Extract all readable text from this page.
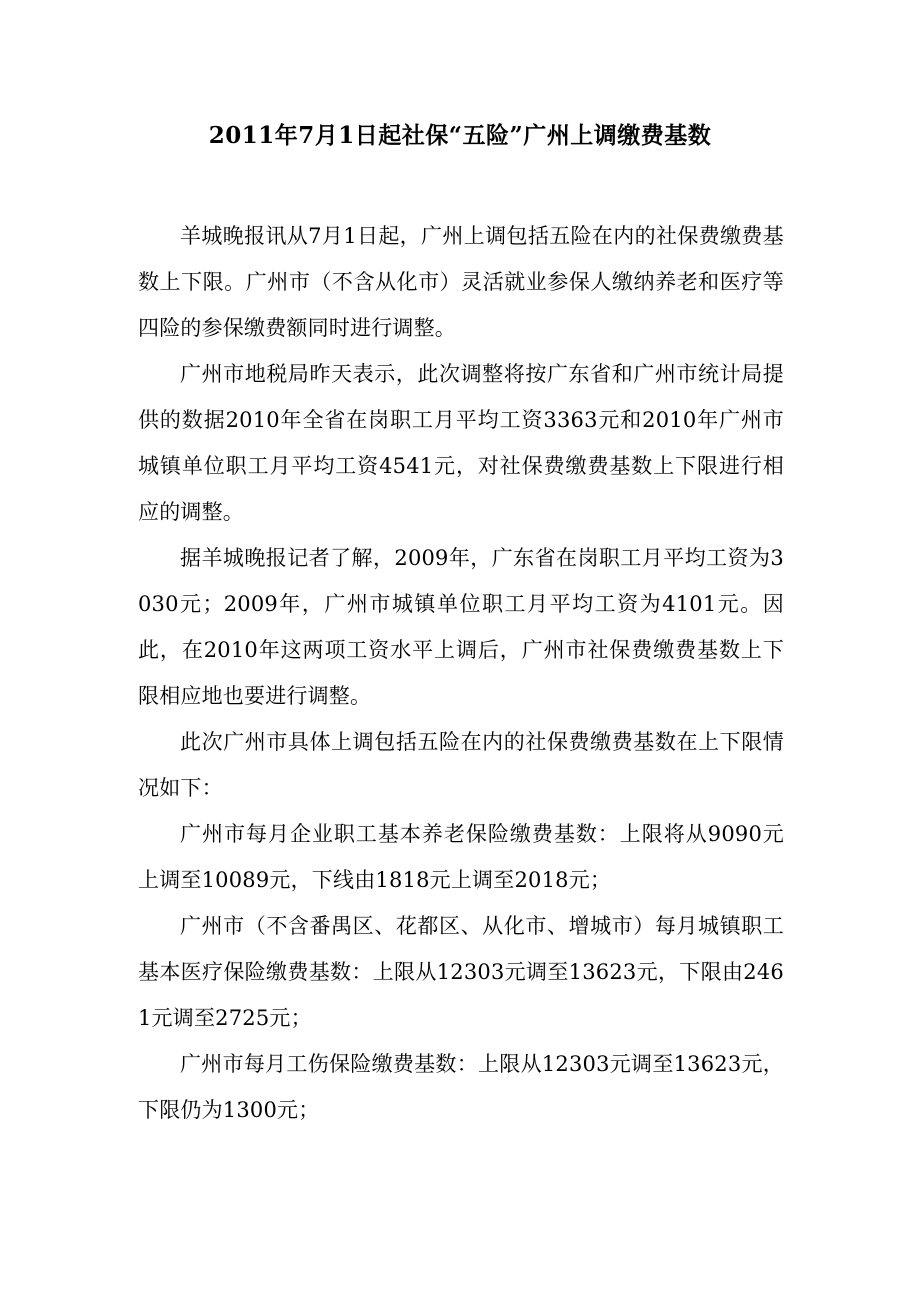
2011年7月1日起社保“五险”广州上调缴费基数

羊城晚报讯从7月1日起，广州上调包括五险在内的社保费缴费基数上下限。广州市（不含从化市）灵活就业参保人缴纳养老和医疗等四险的参保缴费额同时进行调整。

广州市地税局昨天表示，此次调整将按广东省和广州市统计局提供的数据2010年全省在岗职工月平均工资3363元和2010年广州市城镇单位职工月平均工资4541元，对社保费缴费基数上下限进行相应的调整。

据羊城晚报记者了解，2009年，广东省在岗职工月平均工资为3030元；2009年，广州市城镇单位职工月平均工资为4101元。因此，在2010年这两项工资水平上调后，广州市社保费缴费基数上下限相应地也要进行调整。

此次广州市具体上调包括五险在内的社保费缴费基数在上下限情况如下：

广州市每月企业职工基本养老保险缴费基数：上限将从9090元上调至10089元，下线由1818元上调至2018元；

广州市（不含番禺区、花都区、从化市、增城市）每月城镇职工基本医疗保险缴费基数：上限从12303元调至13623元，下限由2461元调至2725元；

广州市每月工伤保险缴费基数：上限从12303元调至13623元，下限仍为1300元；
